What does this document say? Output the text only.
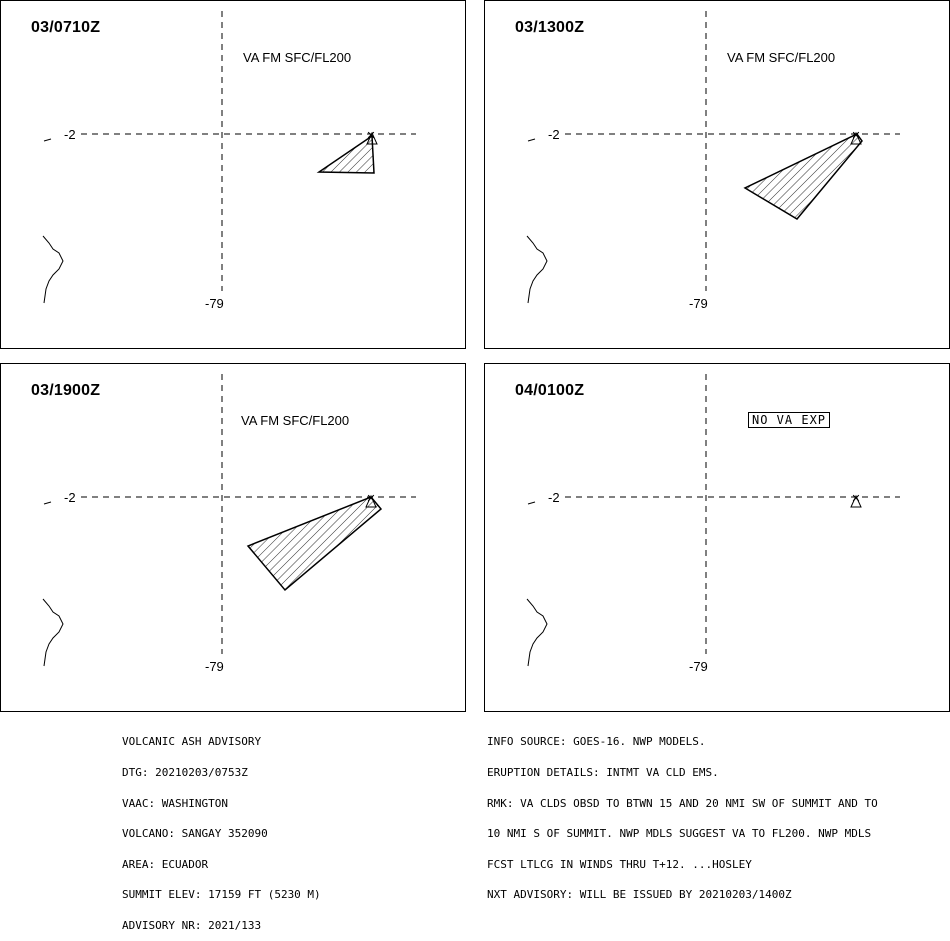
✕
03/0710Z
VA FM SFC/FL200
-2
-79
✕
03/1300Z
VA FM SFC/FL200
-2
-79
✕
03/1900Z
VA FM SFC/FL200
-2
-79
✕
04/0100Z
NO VA EXP
-2
-79

VOLCANIC ASH ADVISORY

DTG: 20210203/0753Z

VAAC: WASHINGTON

VOLCANO: SANGAY 352090

AREA: ECUADOR

SUMMIT ELEV: 17159 FT (5230 M)

ADVISORY NR: 2021/133

INFO SOURCE: GOES-16. NWP MODELS.

ERUPTION DETAILS: INTMT VA CLD EMS.

RMK: VA CLDS OBSD TO BTWN 15 AND 20 NMI SW OF SUMMIT AND TO

10 NMI S OF SUMMIT. NWP MDLS SUGGEST VA TO FL200. NWP MDLS

FCST LTLCG IN WINDS THRU T+12. ...HOSLEY

NXT ADVISORY: WILL BE ISSUED BY 20210203/1400Z
